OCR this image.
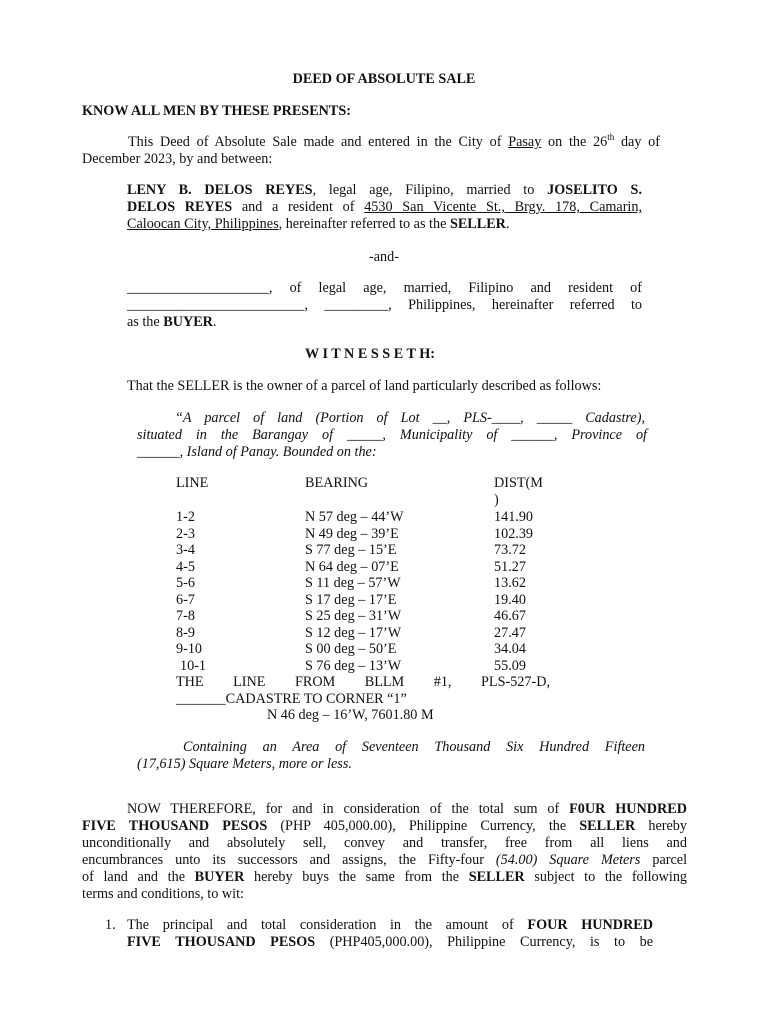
DEED OF ABSOLUTE SALE
KNOW ALL MEN BY THESE PRESENTS:
This Deed of Absolute Sale made and entered in the City of Pasay on the 26th day of
December 2023, by and between:
LENY B. DELOS REYES, legal age, Filipino, married to JOSELITO S.
DELOS REYES and a resident of 4530 San Vicente St., Brgy. 178, Camarin,
Caloocan City, Philippines, hereinafter referred to as the SELLER.
-and-
____________________, of legal age, married, Filipino and resident of
_________________________, _________, Philippines, hereinafter referred to
as the BUYER.
W I T N E S S E T H:
That the SELLER is the owner of a parcel of land particularly described as follows:
“A parcel of land (Portion of Lot __, PLS-____, _____ Cadastre),
situated in the Barangay of _____, Municipality of ______, Province of
______, Island of Panay. Bounded on the:
LINE	BEARING	DIST(M
)
1-2	N 57 deg – 44’W	141.90
2-3	N 49 deg – 39’E	102.39
3-4	S 77 deg – 15’E	73.72
4-5	N 64 deg – 07’E	51.27
5-6	S 11 deg – 57’W	13.62
6-7	S 17 deg – 17’E	19.40
7-8	S 25 deg – 31’W	46.67
8-9	S 12 deg – 17’W	27.47
9-10	S 00 deg – 50’E	34.04
10-1	S 76 deg – 13’W	55.09
THE LINE FROM BLLM #1, PLS-527-D,
_______CADASTRE TO CORNER “1”
N 46 deg – 16’W, 7601.80 M
Containing an Area of Seventeen Thousand Six Hundred Fifteen
(17,615) Square Meters, more or less.
NOW THEREFORE, for and in consideration of the total sum of F0UR HUNDRED
FIVE THOUSAND PESOS (PHP 405,000.00), Philippine Currency, the SELLER hereby
unconditionally and absolutely sell, convey and transfer, free from all liens and
encumbrances unto its successors and assigns, the Fifty-four (54.00) Square Meters parcel
of land and the BUYER hereby buys the same from the SELLER subject to the following
terms and conditions, to wit:
1. The principal and total consideration in the amount of FOUR HUNDRED
FIVE THOUSAND PESOS (PHP405,000.00), Philippine Currency, is to be
